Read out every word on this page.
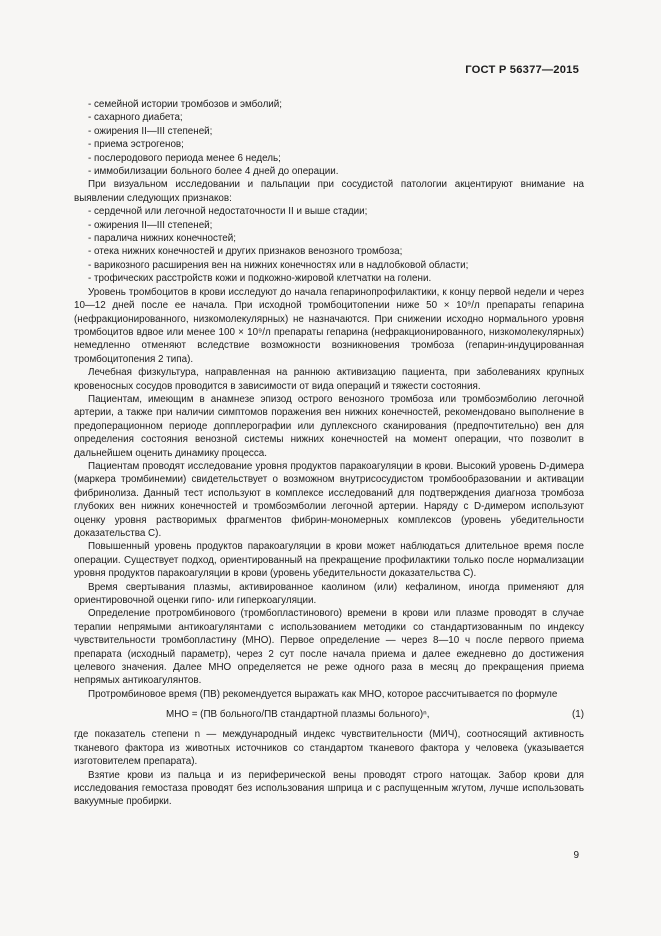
ГОСТ Р 56377—2015

- семейной истории тромбозов и эмболий;

- сахарного диабета;

- ожирения II—III степеней;

- приема эстрогенов;

- послеродового периода менее 6 недель;

- иммобилизации больного более 4 дней до операции.

При визуальном исследовании и пальпации при сосудистой патологии акцентируют внимание на выявлении следующих признаков:

- сердечной или легочной недостаточности II и выше стадии;

- ожирения II—III степеней;

- паралича нижних конечностей;

- отека нижних конечностей и других признаков венозного тромбоза;

- варикозного расширения вен на нижних конечностях или в надлобковой области;

- трофических расстройств кожи и подкожно-жировой клетчатки на голени.

Уровень тромбоцитов в крови исследуют до начала гепаринопрофилактики, к концу первой недели и через 10—12 дней после ее начала. При исходной тромбоцитопении ниже 50 × 10⁹/л препараты гепарина (нефракционированного, низкомолекулярных) не назначаются. При снижении исходно нормального уровня тромбоцитов вдвое или менее 100 × 10⁹/л препараты гепарина (нефракционированного, низкомолекулярных) немедленно отменяют вследствие возможности возникновения тромбоза (гепарин-индуцированная тромбоцитопения 2 типа).

Лечебная физкультура, направленная на раннюю активизацию пациента, при заболеваниях крупных кровеносных сосудов проводится в зависимости от вида операций и тяжести состояния.

Пациентам, имеющим в анамнезе эпизод острого венозного тромбоза или тромбоэмболию легочной артерии, а также при наличии симптомов поражения вен нижних конечностей, рекомендовано выполнение в предоперационном периоде допплерографии или дуплексного сканирования (предпочтительно) вен для определения состояния венозной системы нижних конечностей на момент операции, что позволит в дальнейшем оценить динамику процесса.

Пациентам проводят исследование уровня продуктов паракоагуляции в крови. Высокий уровень D-димера (маркера тромбинемии) свидетельствует о возможном внутрисосудистом тромбообразовании и активации фибринолиза. Данный тест используют в комплексе исследований для подтверждения диагноза тромбоза глубоких вен нижних конечностей и тромбоэмболии легочной артерии. Наряду с D-димером используют оценку уровня растворимых фрагментов фибрин-мономерных комплексов (уровень убедительности доказательства С).

Повышенный уровень продуктов паракоагуляции в крови может наблюдаться длительное время после операции. Существует подход, ориентированный на прекращение профилактики только после нормализации уровня продуктов паракоагуляции в крови (уровень убедительности доказательства С).

Время свертывания плазмы, активированное каолином (или) кефалином, иногда применяют для ориентировочной оценки гипо- или гиперкоагуляции.

Определение протромбинового (тромбопластинового) времени в крови или плазме проводят в случае терапии непрямыми антикоагулянтами с использованием методики со стандартизованным по индексу чувствительности тромбопластину (МНО). Первое определение — через 8—10 ч после первого приема препарата (исходный параметр), через 2 сут после начала приема и далее ежедневно до достижения целевого значения. Далее МНО определяется не реже одного раза в месяц до прекращения приема непрямых антикоагулянтов.

Протромбиновое время (ПВ) рекомендуется выражать как МНО, которое рассчитывается по формуле

МНО = (ПВ больного/ПВ стандартной плазмы больного)ⁿ,	(1)

где показатель степени n — международный индекс чувствительности (МИЧ), соотносящий активность тканевого фактора из животных источников со стандартом тканевого фактора у человека (указывается изготовителем препарата).

Взятие крови из пальца и из периферической вены проводят строго натощак. Забор крови для исследования гемостаза проводят без использования шприца и с распущенным жгутом, лучше использовать вакуумные пробирки.

9
